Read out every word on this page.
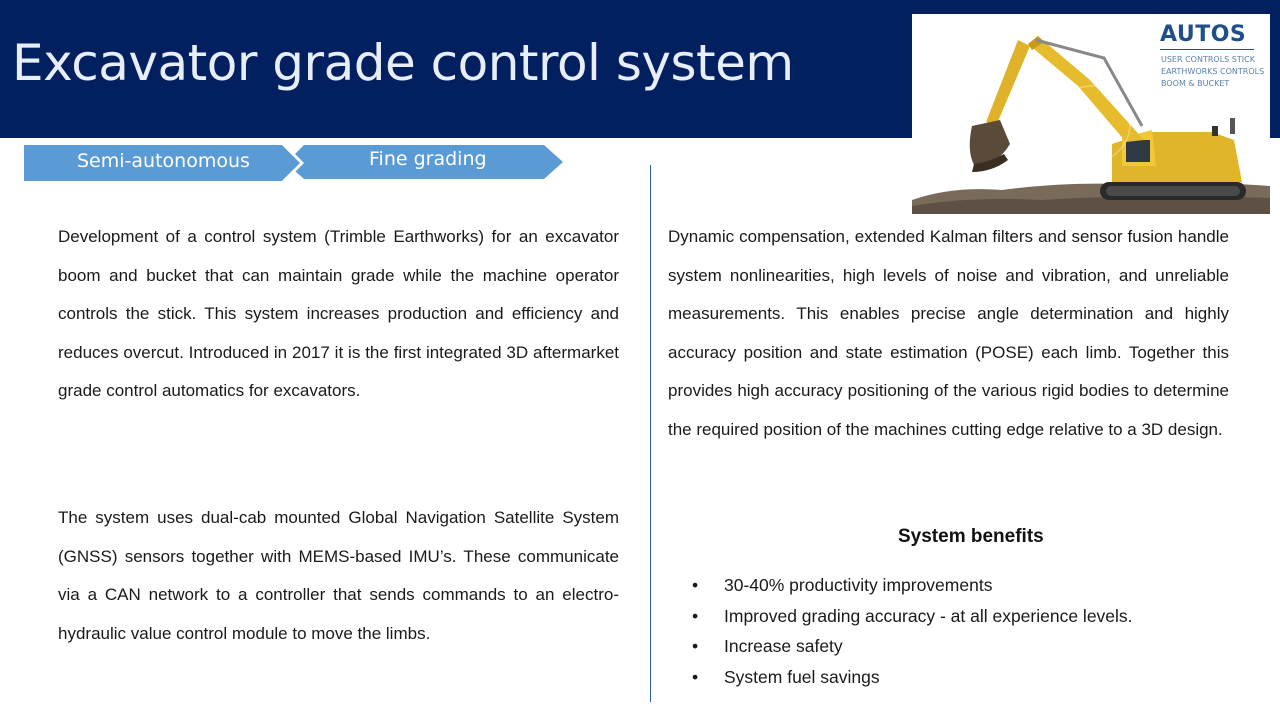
Excavator grade control system	AUTOS
USER CONTROLS STICK
EARTHWORKS CONTROLS
BOOM & BUCKET
Semi-autonomous	Fine grading
Development of a control system (Trimble Earthworks) for an excavator boom and bucket that can maintain grade while the machine operator controls the stick. This system increases production and efficiency and reduces overcut. Introduced in 2017 it is the first integrated 3D aftermarket grade control automatics for excavators.
The system uses dual-cab mounted Global Navigation Satellite System (GNSS) sensors together with MEMS-based IMU’s. These communicate via a CAN network to a controller that sends commands to an electro-hydraulic value control module to move the limbs.
Dynamic compensation, extended Kalman filters and sensor fusion handle system nonlinearities, high levels of noise and vibration, and unreliable measurements. This enables precise angle determination and highly accuracy position and state estimation (POSE) each limb. Together this provides high accuracy positioning of the various rigid bodies to determine the required position of the machines cutting edge relative to a 3D design.
System benefits
• 30-40% productivity improvements
• Improved grading accuracy - at all experience levels.
• Increase safety
• System fuel savings
